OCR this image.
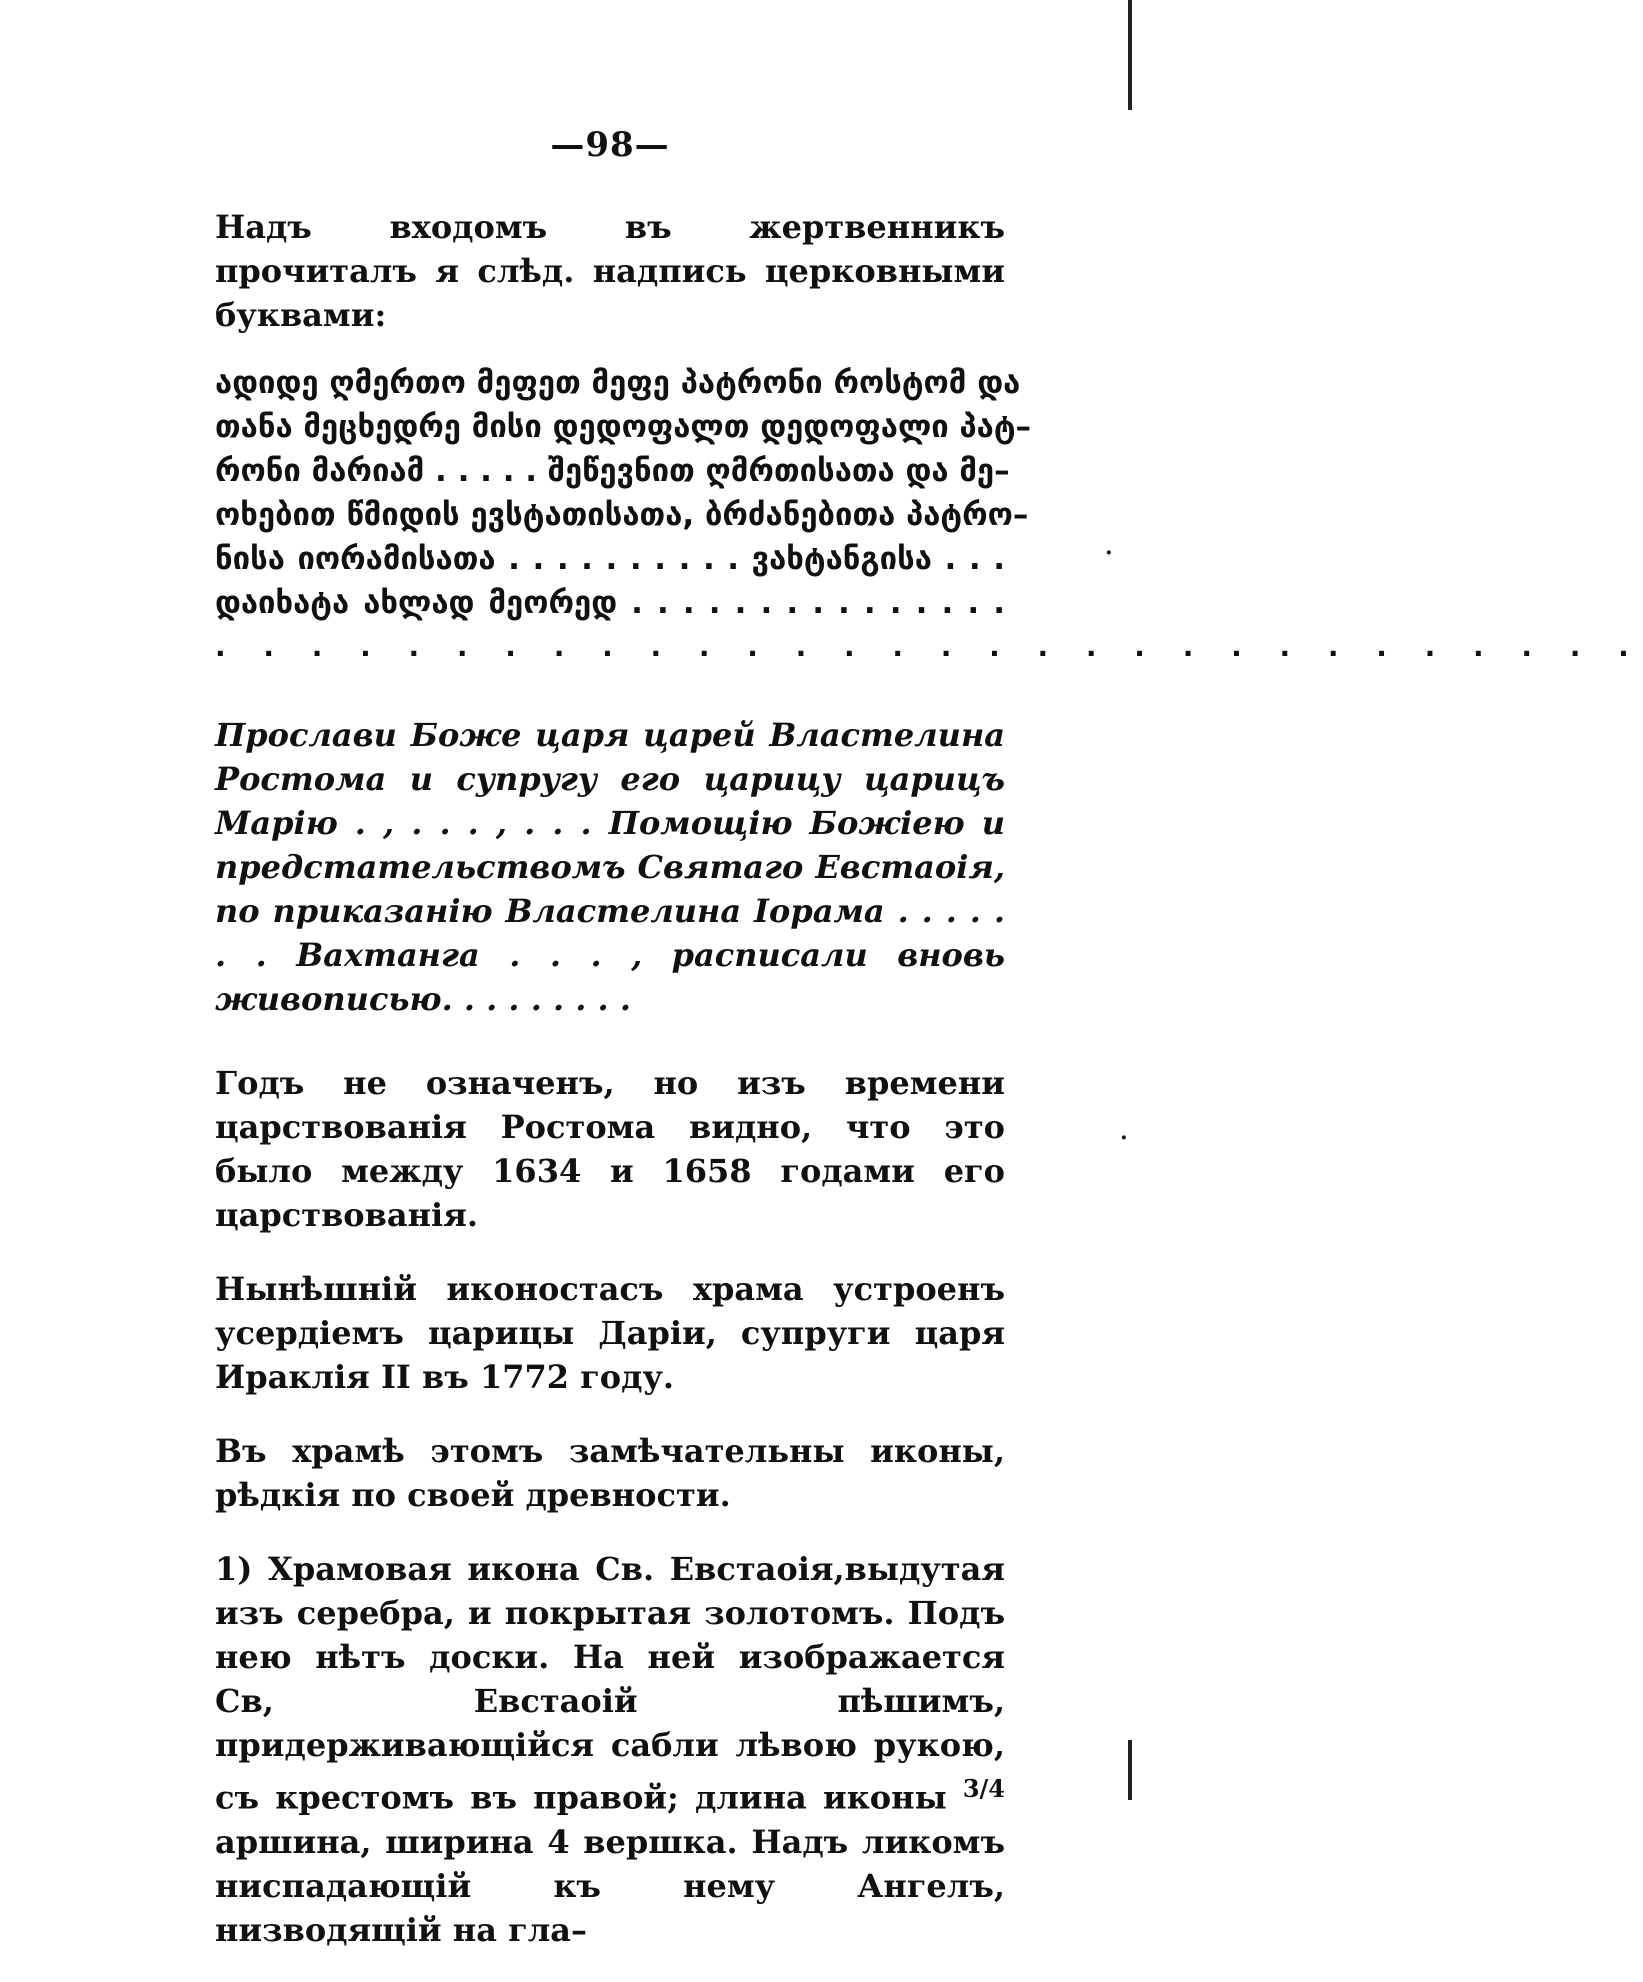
—98—

Надъ входомъ въ жертвенникъ прочиталъ я слѣд. надпись церковными буквами:

ადიდე ღმერთო მეფეთ მეფე პატრონი როსტომ და
თანა მეცხედრე მისი დედოფალთ დედოფალი პატ–
რონი მარიამ . . . . . შეწევნით ღმრთისათა და მე–
ოხებით წმიდის ევსტათისათა, ბრძანებითა პატრო–
ნისა იორამისათა . . . . . . . . . . ვახტანგისა . . .
დაიხატა ახლად მეორედ . . . . . . . . . . . . . . .
. . . . . . . . . . . . . . . . . . . . . . . . . . . . . .

Прослави Боже царя царей Властелина Ростома и супругу его царицу царицъ Марію . , . . . , . . . Помощію Божіею и предстательствомъ Святаго Евстаоія, по приказанію Властелина Іорама . . . . . . . Вахтанга . . . , расписали вновь живописью. . . . . . . . .

Годъ не означенъ, но изъ времени царствованія Ростома видно, что это было между 1634 и 1658 годами его царствованія.

Нынѣшній иконостасъ храма устроенъ усердіемъ царицы Даріи, супруги царя Ираклія II въ 1772 году.

Въ храмѣ этомъ замѣчательны иконы, рѣдкія по своей древности.

1) Храмовая икона Св. Евстаоія,выдутая изъ серебра, и покрытая золотомъ. Подъ нею нѣтъ доски. На ней изображается Св, Евстаоій пѣшимъ, придерживающійся сабли лѣвою рукою, съ крестомъ въ правой; длина иконы $^{3/4}$ аршина, ширина 4 вершка. Надъ ликомъ ниспадающій къ нему Ангелъ, низводящій на гла–

·
·
